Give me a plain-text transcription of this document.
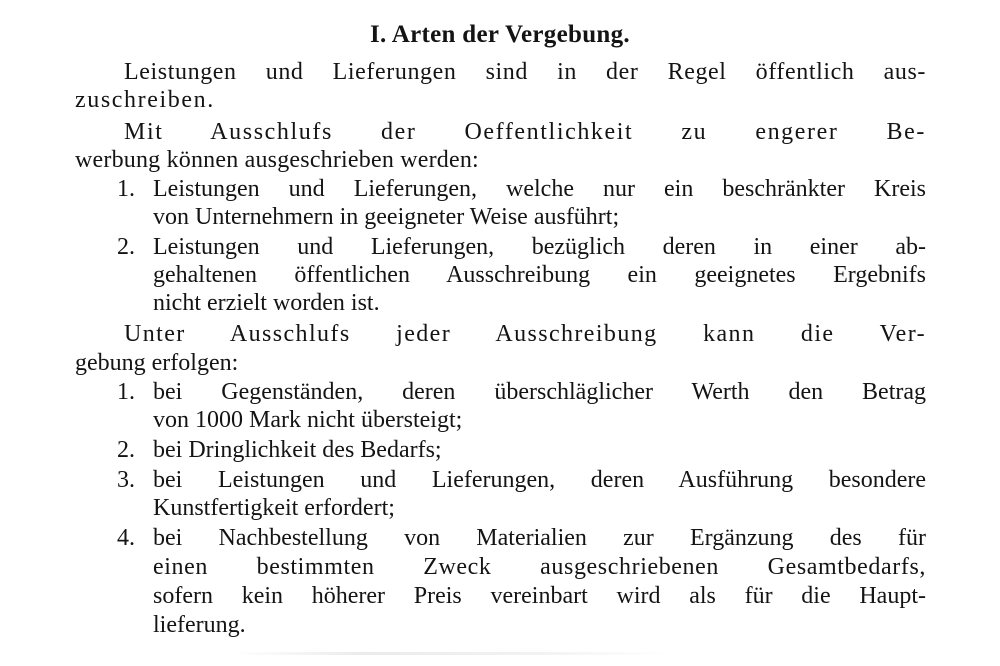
I. Arten der Vergebung.
Leistungen und Lieferungen sind in der Regel öffentlich aus-
zuschreiben.
Mit Ausschlufs der Oeffentlichkeit zu engerer Be-
werbung können ausgeschrieben werden:
1. Leistungen und Lieferungen, welche nur ein beschränkter Kreis
von Unternehmern in geeigneter Weise ausführt;
2. Leistungen und Lieferungen, bezüglich deren in einer ab-
gehaltenen öffentlichen Ausschreibung ein geeignetes Ergebnifs
nicht erzielt worden ist.
Unter Ausschlufs jeder Ausschreibung kann die Ver-
gebung erfolgen:
1. bei Gegenständen, deren überschläglicher Werth den Betrag
von 1000 Mark nicht übersteigt;
2. bei Dringlichkeit des Bedarfs;
3. bei Leistungen und Lieferungen, deren Ausführung besondere
Kunstfertigkeit erfordert;
4. bei Nachbestellung von Materialien zur Ergänzung des für
einen bestimmten Zweck ausgeschriebenen Gesamtbedarfs,
sofern kein höherer Preis vereinbart wird als für die Haupt-
lieferung.
